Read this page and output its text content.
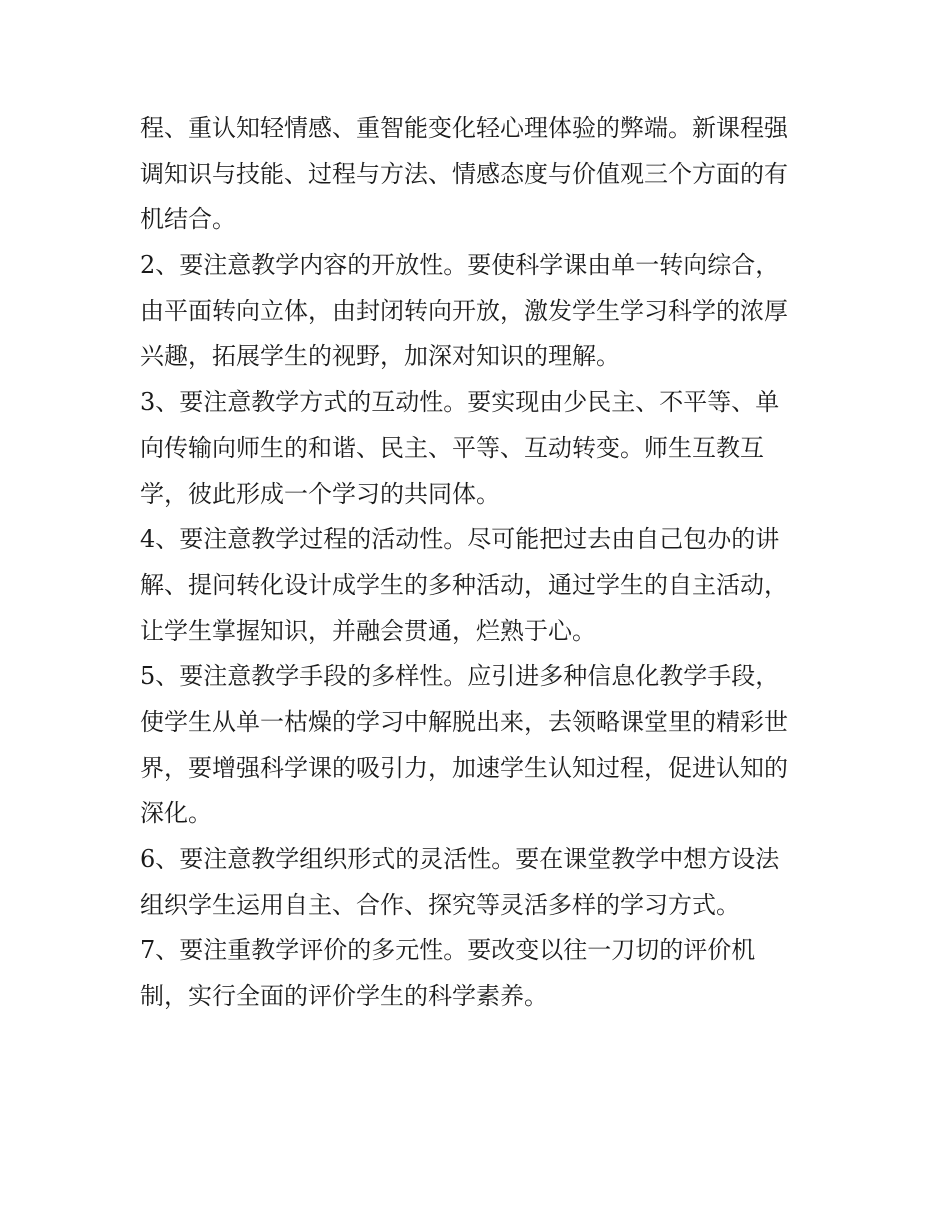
程、重认知轻情感、重智能变化轻心理体验的弊端。新课程强
调知识与技能、过程与方法、情感态度与价值观三个方面的有
机结合。
2、要注意教学内容的开放性。要使科学课由单一转向综合，
由平面转向立体，由封闭转向开放，激发学生学习科学的浓厚
兴趣，拓展学生的视野，加深对知识的理解。
3、要注意教学方式的互动性。要实现由少民主、不平等、单
向传输向师生的和谐、民主、平等、互动转变。师生互教互
学，彼此形成一个学习的共同体。
4、要注意教学过程的活动性。尽可能把过去由自己包办的讲
解、提问转化设计成学生的多种活动，通过学生的自主活动，
让学生掌握知识，并融会贯通，烂熟于心。
5、要注意教学手段的多样性。应引进多种信息化教学手段，
使学生从单一枯燥的学习中解脱出来，去领略课堂里的精彩世
界，要增强科学课的吸引力，加速学生认知过程，促进认知的
深化。
6、要注意教学组织形式的灵活性。要在课堂教学中想方设法
组织学生运用自主、合作、探究等灵活多样的学习方式。
7、要注重教学评价的多元性。要改变以往一刀切的评价机
制，实行全面的评价学生的科学素养。
